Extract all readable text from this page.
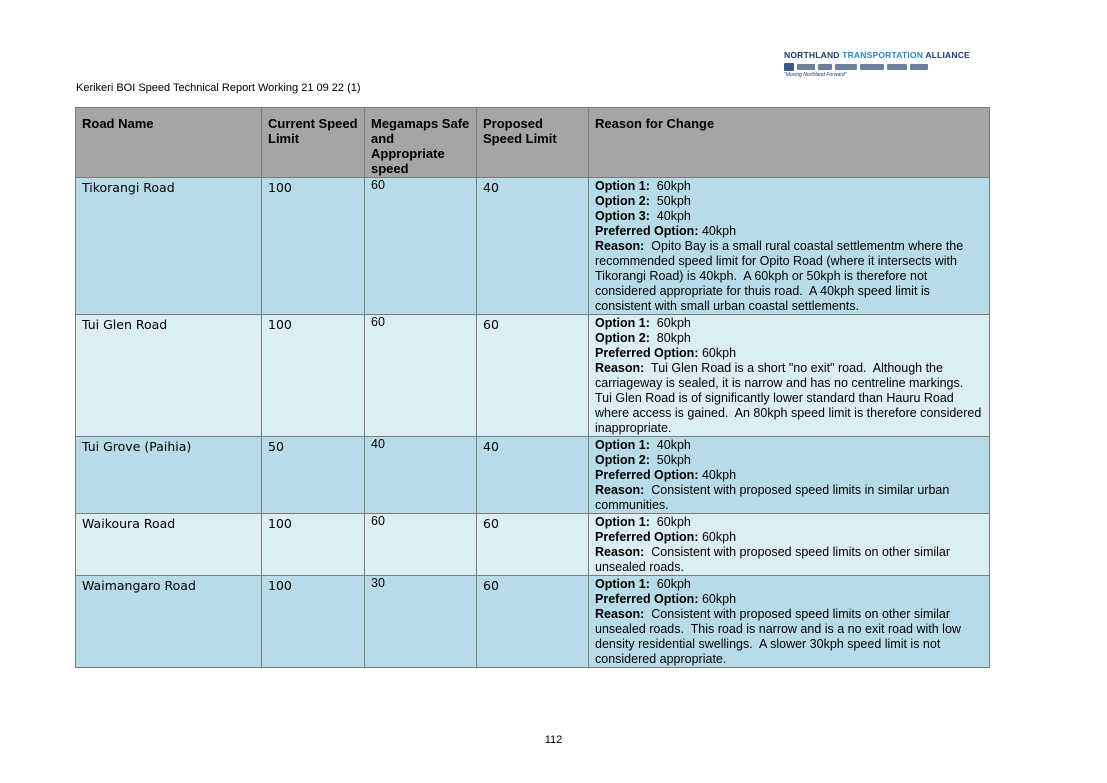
NORTHLAND TRANSPORTATION ALLIANCE
"Moving Northland Forward"
Kerikeri BOI Speed Technical Report Working 21 09 22 (1)
Road Name	Current Speed Limit	Megamaps Safe and Appropriate speed	Proposed Speed Limit	Reason for Change
Tikorangi Road	100	60	40	Option 1:  60kph
Option 2:  50kph
Option 3:  40kph
Preferred Option: 40kph
Reason:  Opito Bay is a small rural coastal settlementm where the recommended speed limit for Opito Road (where it intersects with Tikorangi Road) is 40kph.  A 60kph or 50kph is therefore not considered appropriate for thuis road.  A 40kph speed limit is consistent with small urban coastal settlements.

Tui Glen Road	100	60	60	Option 1:  60kph
Option 2:  80kph
Preferred Option: 60kph
Reason:  Tui Glen Road is a short "no exit" road.  Although the carriageway is sealed, it is narrow and has no centreline markings.  Tui Glen Road is of significantly lower standard than Hauru Road where access is gained.  An 80kph speed limit is therefore considered inappropriate.

Tui Grove (Paihia)	50	40	40	Option 1:  40kph
Option 2:  50kph
Preferred Option: 40kph
Reason:  Consistent with proposed speed limits in similar urban communities.

Waikoura Road	100	60	60	Option 1:  60kph
Preferred Option: 60kph
Reason:  Consistent with proposed speed limits on other similar unsealed roads.

Waimangaro Road	100	30	60	Option 1:  60kph
Preferred Option: 60kph
Reason:  Consistent with proposed speed limits on other similar unsealed roads.  This road is narrow and is a no exit road with low density residential swellings.  A slower 30kph speed limit is not considered appropriate.
112
